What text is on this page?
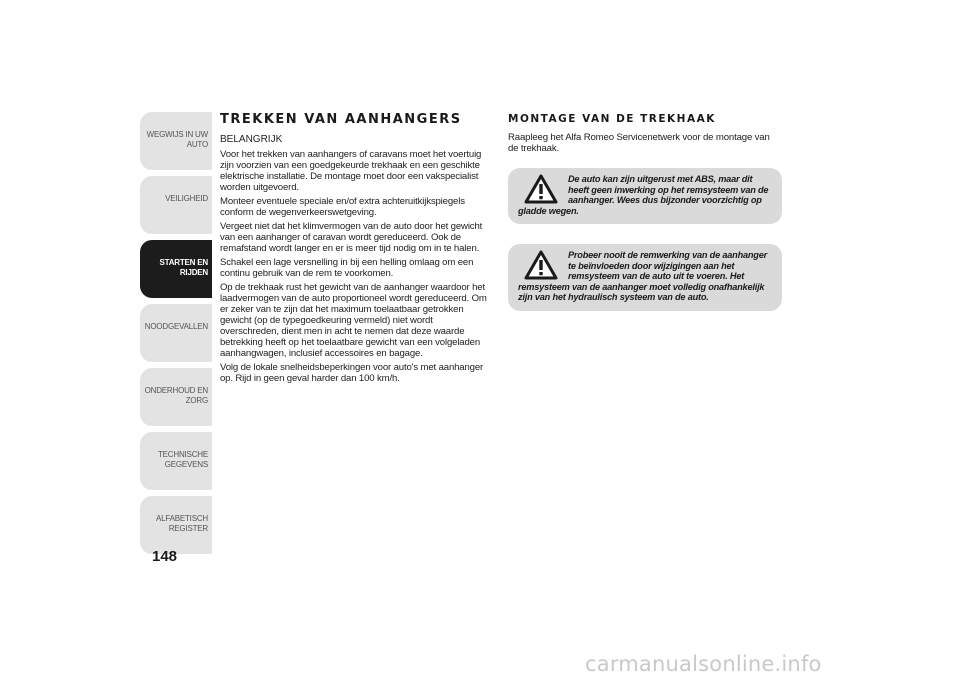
WEGWIJS IN UW AUTO
VEILIGHEID
STARTEN EN RIJDEN
NOODGEVALLEN
ONDERHOUD EN ZORG
TECHNISCHE GEGEVENS
ALFABETISCH REGISTER
148
TREKKEN VAN AANHANGERS
BELANGRIJK

Voor het trekken van aanhangers of caravans moet het voertuig zijn voorzien van een goedgekeurde trekhaak en een geschikte elektrische installatie. De montage moet door een vakspecialist worden uitgevoerd.

Monteer eventuele speciale en/of extra achteruitkijkspiegels conform de wegenverkeerswetgeving.

Vergeet niet dat het klimvermogen van de auto door het gewicht van een aanhanger of caravan wordt gereduceerd. Ook de remafstand wordt langer en er is meer tijd nodig om in te halen.

Schakel een lage versnelling in bij een helling omlaag om een continu gebruik van de rem te voorkomen.

Op de trekhaak rust het gewicht van de aanhanger waardoor het laadvermogen van de auto proportioneel wordt gereduceerd. Om er zeker van te zijn dat het maximum toelaatbaar getrokken gewicht (op de typegoedkeuring vermeld) niet wordt overschreden, dient men in acht te nemen dat deze waarde betrekking heeft op het toelaatbare gewicht van een volgeladen aanhangwagen, inclusief accessoires en bagage.

Volg de lokale snelheidsbeperkingen voor auto's met aanhanger op. Rijd in geen geval harder dan 100 km/h.

MONTAGE VAN DE TREKHAAK

Raapleeg het Alfa Romeo Servicenetwerk voor de montage van de trekhaak.

De auto kan zijn uitgerust met ABS, maar dit heeft geen inwerking op het remsysteem van de aanhanger. Wees dus bijzonder voorzichtig op gladde wegen.

Probeer nooit de remwerking van de aanhanger te beïnvloeden door wijzigingen aan het remsysteem van de auto uit te voeren. Het remsysteem van de aanhanger moet volledig onafhankelijk zijn van het hydraulisch systeem van de auto.

carmanualsonline.info
